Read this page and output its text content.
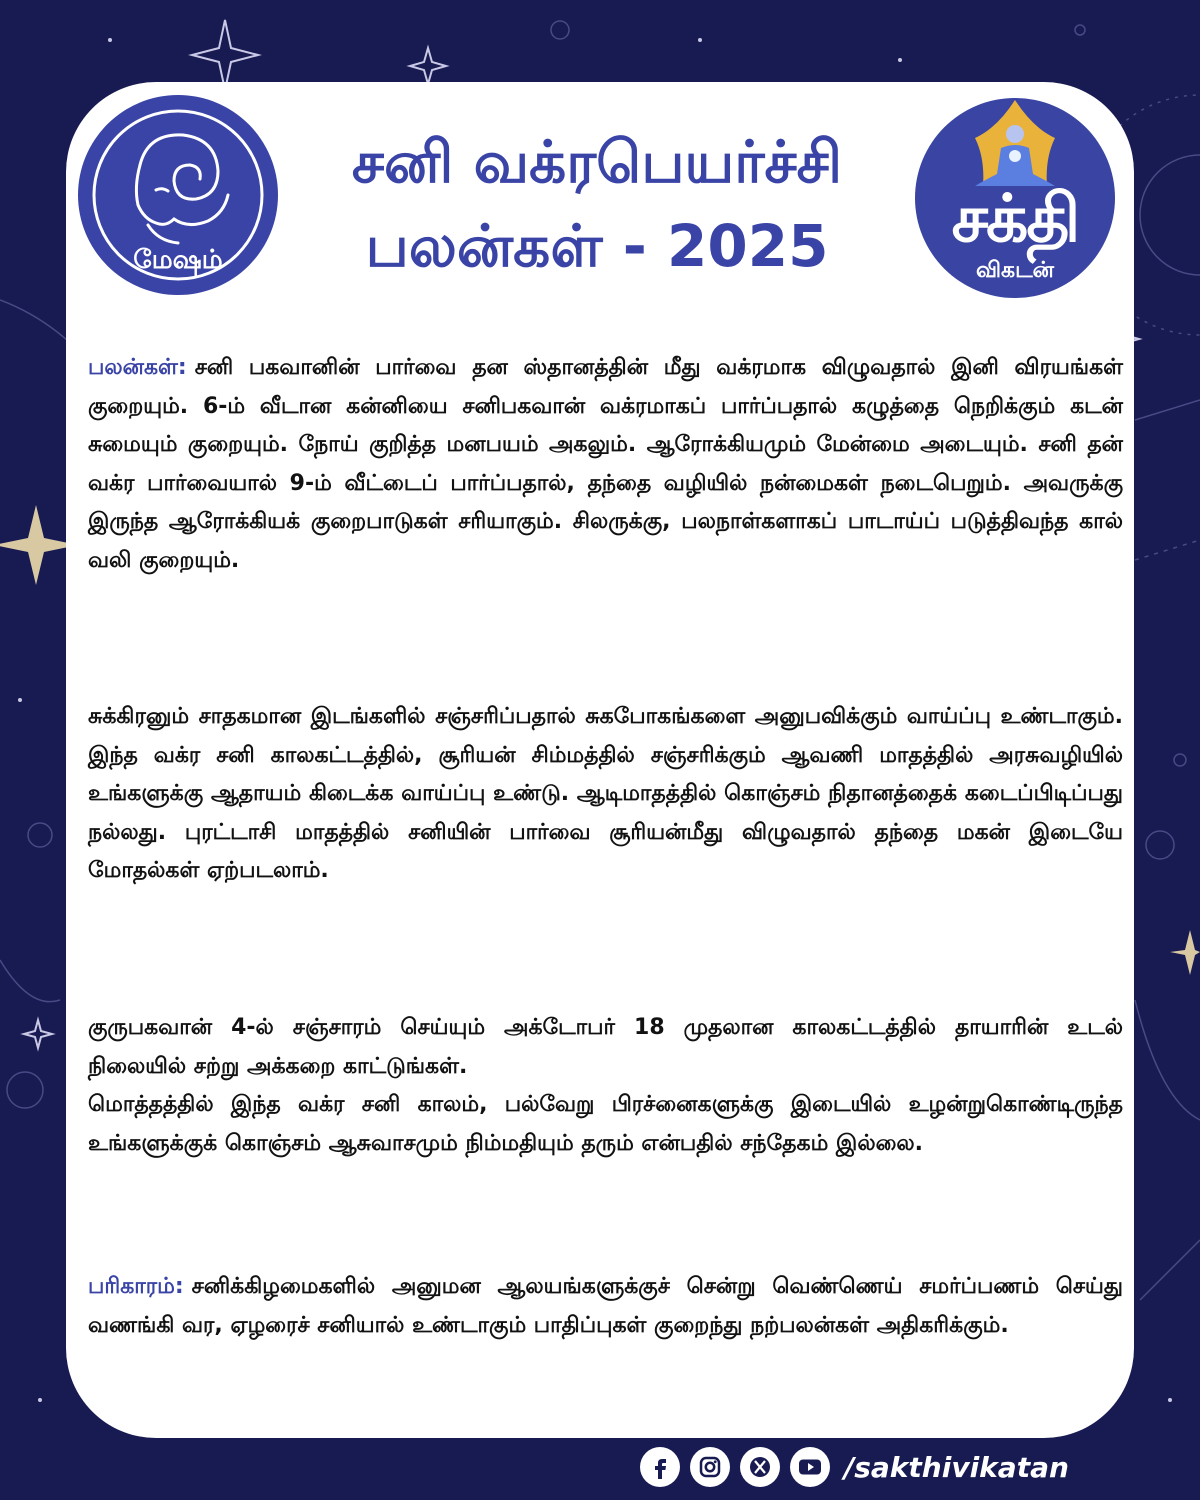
மேஷம்
சனி வக்ரபெயர்ச்சி
பலன்கள் - 2025	சக்தி
விகடன்
பலன்கள்: சனி பகவானின் பார்வை தன ஸ்தானத்தின் மீது வக்ரமாக விழுவதால் இனி விரயங்கள் குறையும். 6-ம் வீடான கன்னியை சனிபகவான் வக்ரமாகப் பார்ப்பதால் கழுத்தை நெறிக்கும் கடன் சுமையும் குறையும். நோய் குறித்த மனபயம் அகலும். ஆரோக்கியமும் மேன்மை அடையும். சனி தன் வக்ர பார்வையால் 9-ம் வீட்டைப் பார்ப்பதால், தந்தை வழியில் நன்மைகள் நடைபெறும். அவருக்கு இருந்த ஆரோக்கியக் குறைபாடுகள் சரியாகும். சிலருக்கு, பலநாள்களாகப் பாடாய்ப் படுத்திவந்த கால் வலி குறையும்.
சுக்கிரனும் சாதகமான இடங்களில் சஞ்சரிப்பதால் சுகபோகங்களை அனுபவிக்கும் வாய்ப்பு உண்டாகும். இந்த வக்ர சனி காலகட்டத்தில், சூரியன் சிம்மத்தில் சஞ்சரிக்கும் ஆவணி மாதத்தில் அரசுவழியில் உங்களுக்கு ஆதாயம் கிடைக்க வாய்ப்பு உண்டு. ஆடிமாதத்தில் கொஞ்சம் நிதானத்தைக் கடைப்பிடிப்பது நல்லது. புரட்டாசி மாதத்தில் சனியின் பார்வை சூரியன்மீது விழுவதால் தந்தை மகன் இடையே மோதல்கள் ஏற்படலாம்.
குருபகவான் 4-ல் சஞ்சாரம் செய்யும் அக்டோபர் 18 முதலான காலகட்டத்தில் தாயாரின் உடல் நிலையில் சற்று அக்கறை காட்டுங்கள்.
மொத்தத்தில் இந்த வக்ர சனி காலம், பல்வேறு பிரச்னைகளுக்கு இடையில் உழன்றுகொண்டிருந்த உங்களுக்குக் கொஞ்சம் ஆசுவாசமும் நிம்மதியும் தரும் என்பதில் சந்தேகம் இல்லை.
பரிகாரம்: சனிக்கிழமைகளில் அனுமன ஆலயங்களுக்குச் சென்று வெண்ணெய் சமர்ப்பணம் செய்து வணங்கி வர, ஏழரைச் சனியால் உண்டாகும் பாதிப்புகள் குறைந்து நற்பலன்கள் அதிகரிக்கும்.
/sakthivikatan
